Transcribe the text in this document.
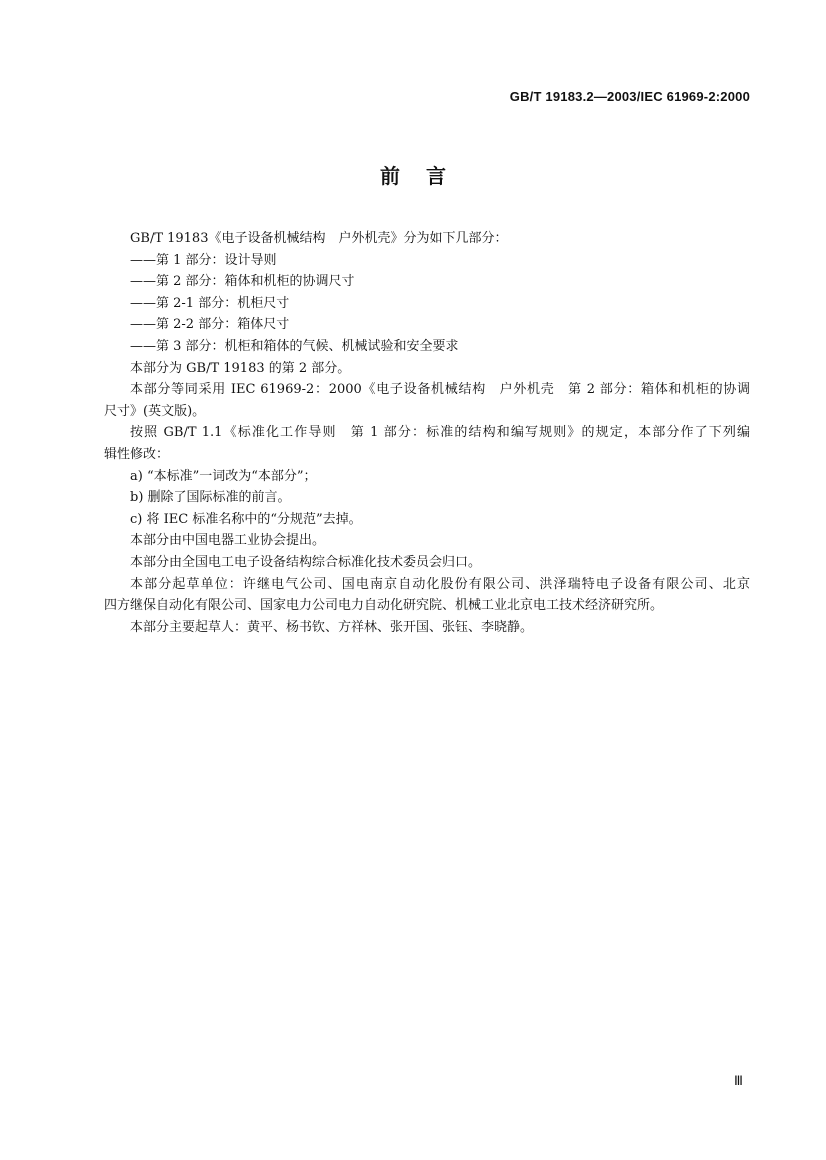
GB/T 19183.2—2003/IEC 61969-2:2000
前言

GB/T 19183《电子设备机械结构　户外机壳》分为如下几部分：

——第 1 部分：设计导则

——第 2 部分：箱体和机柜的协调尺寸

——第 2-1 部分：机柜尺寸

——第 2-2 部分：箱体尺寸

——第 3 部分：机柜和箱体的气候、机械试验和安全要求

本部分为 GB/T 19183 的第 2 部分。

本部分等同采用 IEC 61969-2：2000《电子设备机械结构　户外机壳　第 2 部分：箱体和机柜的协调

尺寸》(英文版)。

按照 GB/T 1.1《标准化工作导则　第 1 部分：标准的结构和编写规则》的规定，本部分作了下列编

辑性修改：

a) “本标准”一词改为“本部分”；

b) 删除了国际标准的前言。

c) 将 IEC 标准名称中的“分规范”去掉。

本部分由中国电器工业协会提出。

本部分由全国电工电子设备结构综合标准化技术委员会归口。

本部分起草单位：许继电气公司、国电南京自动化股份有限公司、洪泽瑞特电子设备有限公司、北京

四方继保自动化有限公司、国家电力公司电力自动化研究院、机械工业北京电工技术经济研究所。

本部分主要起草人：黄平、杨书钦、方祥林、张开国、张钰、李晓静。

Ⅲ
